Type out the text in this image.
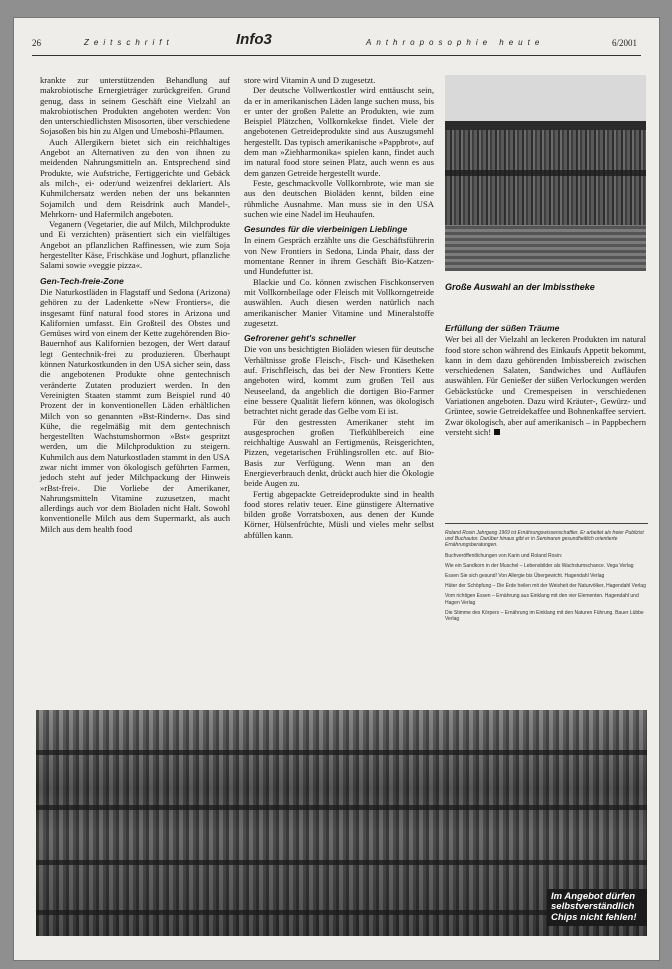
26	Zeitschrift	Info3	Anthroposophie heute	6/2001

krankte zur unterstützenden Behandlung auf makrobiotische Ernergieträger zurückgreifen. Grund genug, dass in seinem Geschäft eine Vielzahl an makrobiotischen Produkten angeboten werden: Von den unterschiedlichsten Misosorten, über verschiedene Sojasoßen bis hin zu Algen und Umeboshi-Pflaumen.

Auch Allergikern bietet sich ein reichhaltiges Angebot an Alternativen zu den von ihnen zu meidenden Nahrungsmitteln an. Entsprechend sind Produkte, wie Aufstriche, Fertiggerichte und Gebäck als milch-, ei- oder/und weizenfrei deklariert. Als Kuhmilchersatz werden neben der uns bekannten Sojamilch und dem Reisdrink auch Mandel-, Mehrkorn- und Hafermilch angeboten.

Veganern (Vegetarier, die auf Milch, Milchprodukte und Ei verzichten) präsentiert sich ein vielfältiges Angebot an pflanzlichen Raffinessen, wie zum Soja hergestellter Käse, Frischkäse und Joghurt, pflanzliche Salami sowie »veggie pizza«.

Gen-Tech-freie-Zone

Die Naturkostläden in Flagstaff und Sedona (Arizona) gehören zu der Ladenkette »New Frontiers«, die insgesamt fünf natural food stores in Arizona und Kalifornien umfasst. Ein Großteil des Obstes und Gemüses wird von einem der Kette zugehörenden Bio-Bauernhof aus Kalifornien bezogen, der Wert darauf legt Gentechnik-frei zu produzieren. Überhaupt können Naturkostkunden in den USA sicher sein, dass die angebotenen Produkte ohne gentechnisch veränderte Zutaten produziert werden. In den Vereinigten Staaten stammt zum Beispiel rund 40 Prozent der in konventionellen Läden erhältlichen Milch von so genannten »Bst-Rindern«. Das sind Kühe, die regelmäßig mit dem gentechnisch hergestellten Wachstumshormon »Bst« gespritzt werden, um die Milchproduktion zu steigern. Kuhmilch aus dem Naturkostladen stammt in den USA zwar nicht immer von ökologisch geführten Farmen, jedoch steht auf jeder Milchpackung der Hinweis »rBst-frei«. Die Vorliebe der Amerikaner, Nahrungsmitteln Vitamine zuzusetzen, macht allerdings auch vor dem Bioladen nicht Halt. Sowohl konventionelle Milch aus dem Supermarkt, als auch Milch aus dem health food

store wird Vitamin A und D zugesetzt.

Der deutsche Vollwertkostler wird enttäuscht sein, da er in amerikanischen Läden lange suchen muss, bis er unter der großen Palette an Produkten, wie zum Beispiel Plätzchen, Vollkornkekse findet. Viele der angebotenen Getreideprodukte sind aus Auszugsmehl hergestellt. Das typisch amerikanische »Pappbrot«, auf dem man »Ziehharmonika« spielen kann, findet auch im natural food store seinen Platz, auch wenn es aus dem ganzen Getreide hergestellt wurde.

Feste, geschmackvolle Vollkornbrote, wie man sie aus den deutschen Bioläden kennt, bilden eine rühmliche Ausnahme. Man muss sie in den USA suchen wie eine Nadel im Heuhaufen.

Gesundes für die vierbeinigen Lieblinge

In einem Gespräch erzählte uns die Geschäftsführerin von New Frontiers in Sedona, Linda Phair, dass der momentane Renner in ihrem Geschäft Bio-Katzen- und Hundefutter ist.

Blackie und Co. können zwischen Fischkonserven mit Vollkornbeilage oder Fleisch mit Vollkorngetreide auswählen. Auch diesen werden natürlich nach amerikanischer Manier Vitamine und Mineralstoffe zugesetzt.

Gefrorener geht's schneller

Die von uns besichtigten Bioläden wiesen für deutsche Verhältnisse große Fleisch-, Fisch- und Käsetheken auf. Frischfleisch, das bei der New Frontiers Kette angeboten wird, kommt zum großen Teil aus Neuseeland, da angeblich die dortigen Bio-Farmer eine bessere Qualität liefern können, was ökologisch betrachtet nicht gerade das Gelbe vom Ei ist.

Für den gestressten Amerikaner steht im ausgesprochen großen Tiefkühlbereich eine reichhaltige Auswahl an Fertigmenüs, Reisgerichten, Pizzen, vegetarischen Frühlingsrollen etc. auf Bio-Basis zur Verfügung. Wenn man an den Energieverbrauch denkt, drückt auch hier die Ökologie beide Augen zu.

Fertig abgepackte Getreideprodukte sind in health food stores relativ teuer. Eine günstigere Alternative bilden große Vorratsboxen, aus denen der Kunde Körner, Hülsenfrüchte, Müsli und vieles mehr selbst abfüllen kann.

Große Auswahl an der Imbisstheke
Erfüllung der süßen Träume

Wer bei all der Vielzahl an leckeren Produkten im natural food store schon während des Einkaufs Appetit bekommt, kann in dem dazu gehörenden Imbissbereich zwischen verschiedenen Salaten, Sandwiches und Aufläufen auswählen. Für Genießer der süßen Verlockungen werden Gebäckstücke und Cremespeisen in verschiedenen Variationen angeboten. Dazu wird Kräuter-, Gewürz- und Grüntee, sowie Getreidekaffee und Bohnenkaffee serviert. Zwar ökologisch, aber auf amerikanisch – in Pappbechern versteht sich!

Roland Rosin Jahrgang 1969 ist Ernährungswissenschaftler. Er arbeitet als freier Publizist und Buchautor. Darüber hinaus gibt er in Seminaren gesundheitlich orientierte Ernährungsberatungen.

Buchveröffentlichungen von Karin und Roland Rosin:

Wie ein Sandkorn in der Muschel – Lebensbilder als Wachstumschance. Vega Verlag

Essen Sie sich gesund! Von Allergie bis Übergewicht. Hagendahl Verlag

Hüter der Schöpfung – Die Erde heilen mit der Weisheit der Naturvölker, Hagendahl Verlag

Vom richtigen Essen – Ernährung aus Einklang mit den vier Elementen. Hagendahl und Hagen Verlag

Die Stimme des Körpers – Ernährung im Einklang mit den Naturen Führung. Bauer Lübbe Verlag

Im Angebot dürfen selbstverständlich Chips nicht fehlen!
